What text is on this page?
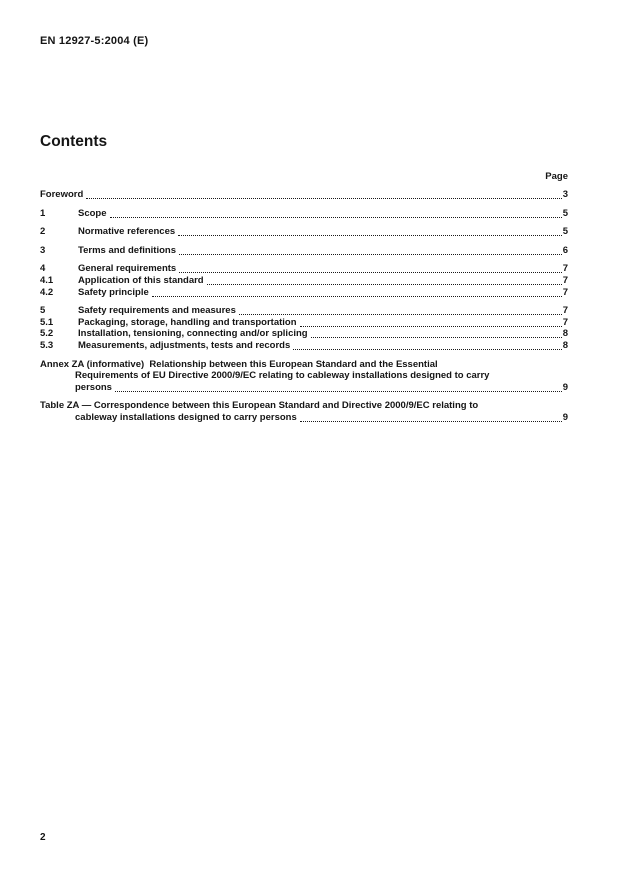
EN 12927-5:2004 (E)
Contents
Page
Foreword	3
1	Scope	5
2	Normative references	5
3	Terms and definitions	6
4	General requirements	7
4.1	Application of this standard	7
4.2	Safety principle	7
5	Safety requirements and measures	7
5.1	Packaging, storage, handling and transportation	7
5.2	Installation, tensioning, connecting and/or splicing	8
5.3	Measurements, adjustments, tests and records	8
Annex ZA (informative)  Relationship between this European Standard and the Essential
Requirements of EU Directive 2000/9/EC relating to cableway installations designed to carry
persons	9
Table ZA — Correspondence between this European Standard and Directive 2000/9/EC relating to
cableway installations designed to carry persons	9
2
